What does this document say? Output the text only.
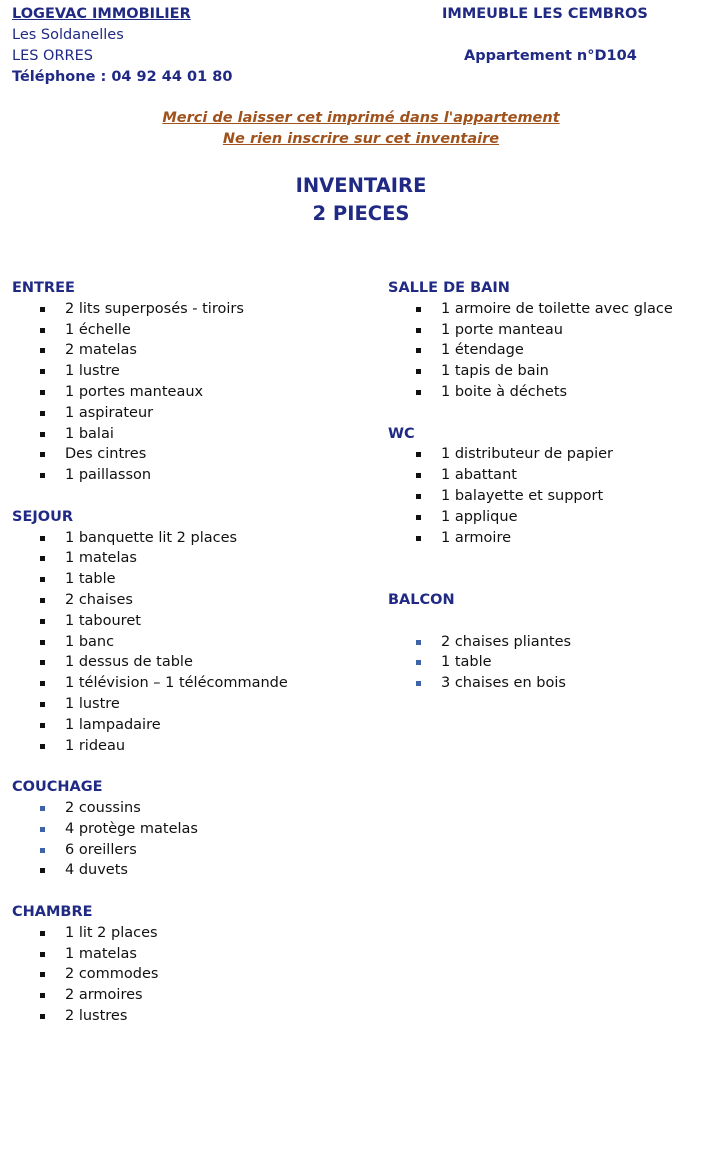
LOGEVAC IMMOBILIER
Les Soldanelles
LES ORRES
Téléphone : 04 92 44 01 80
IMMEUBLE LES CEMBROS
Appartement n°D104
Merci de laisser cet imprimé dans l'appartement
Ne rien inscrire sur cet inventaire
INVENTAIRE
2 PIECES
ENTREE
2 lits superposés - tiroirs
1 échelle
2 matelas
1 lustre
1 portes manteaux
1 aspirateur
1 balai
Des cintres
1 paillasson
SEJOUR
1 banquette lit 2 places
1 matelas
1 table
2 chaises
1 tabouret
1 banc
1 dessus de table
1 télévision – 1 télécommande
1 lustre
1 lampadaire
1 rideau
COUCHAGE
2 coussins
4 protège matelas
6 oreillers
4 duvets
CHAMBRE
1 lit 2 places
1 matelas
2 commodes
2 armoires
2 lustres
SALLE DE BAIN
1 armoire de toilette avec glace
1 porte manteau
1 étendage
1 tapis de bain
1 boite à déchets
WC
1 distributeur de papier
1 abattant
1 balayette et support
1 applique
1 armoire
BALCON
2 chaises pliantes
1 table
3 chaises en bois
